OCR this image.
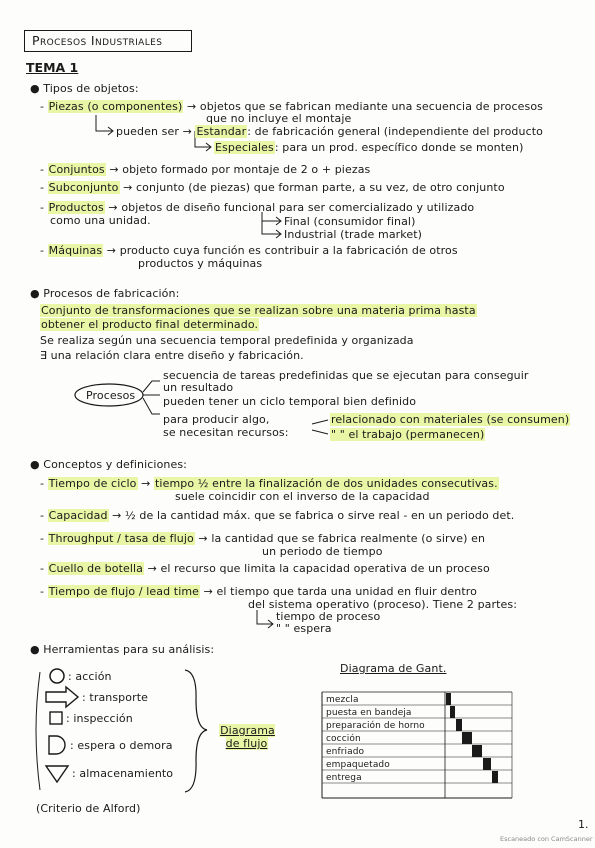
Procesos Industriales
TEMA 1
● Tipos de objetos:
- Piezas (o componentes) → objetos que se fabrican mediante una secuencia de procesos
que no incluye el montaje
pueden ser → Estandar: de fabricación general (independiente del producto
Especiales: para un prod. específico donde se monten)
- Conjuntos → objeto formado por montaje de 2 o + piezas
- Subconjunto → conjunto (de piezas) que forman parte, a su vez, de otro conjunto
- Productos → objetos de diseño funcional para ser comercializado y utilizado
como una unidad.	Final (consumidor final)
Industrial (trade market)
- Máquinas → producto cuya función es contribuir a la fabricación de otros
productos y máquinas
● Procesos de fabricación:
Conjunto de transformaciones que se realizan sobre una materia prima hasta
obtener el producto final determinado.
Se realiza según una secuencia temporal predefinida y organizada
∃ una relación clara entre diseño y fabricación.
Procesos
secuencia de tareas predefinidas que se ejecutan para conseguir
un resultado
pueden tener un ciclo temporal bien definido
para producir algo,
se necesitan recursos:
relacionado con materiales (se consumen)
" " el trabajo (permanecen)
● Conceptos y definiciones:
- Tiempo de ciclo → tiempo ½ entre la finalización de dos unidades consecutivas.
suele coincidir con el inverso de la capacidad
- Capacidad → ½ de la cantidad máx. que se fabrica o sirve real - en un periodo det.
- Throughput / tasa de flujo → la cantidad que se fabrica realmente (o sirve) en
un periodo de tiempo
- Cuello de botella → el recurso que limita la capacidad operativa de un proceso
- Tiempo de flujo / lead time → el tiempo que tarda una unidad en fluir dentro
del sistema operativo (proceso). Tiene 2 partes:
tiempo de proceso
" " espera
● Herramientas para su análisis:
: acción
: transporte
: inspección
: espera o demora
: almacenamiento
Diagrama de flujo
(Criterio de Alford)
Diagrama de Gant.
mezcla
puesta en bandeja
preparación de horno
cocción
enfriado
empaquetado
entrega
1.
Escaneado con CamScanner
